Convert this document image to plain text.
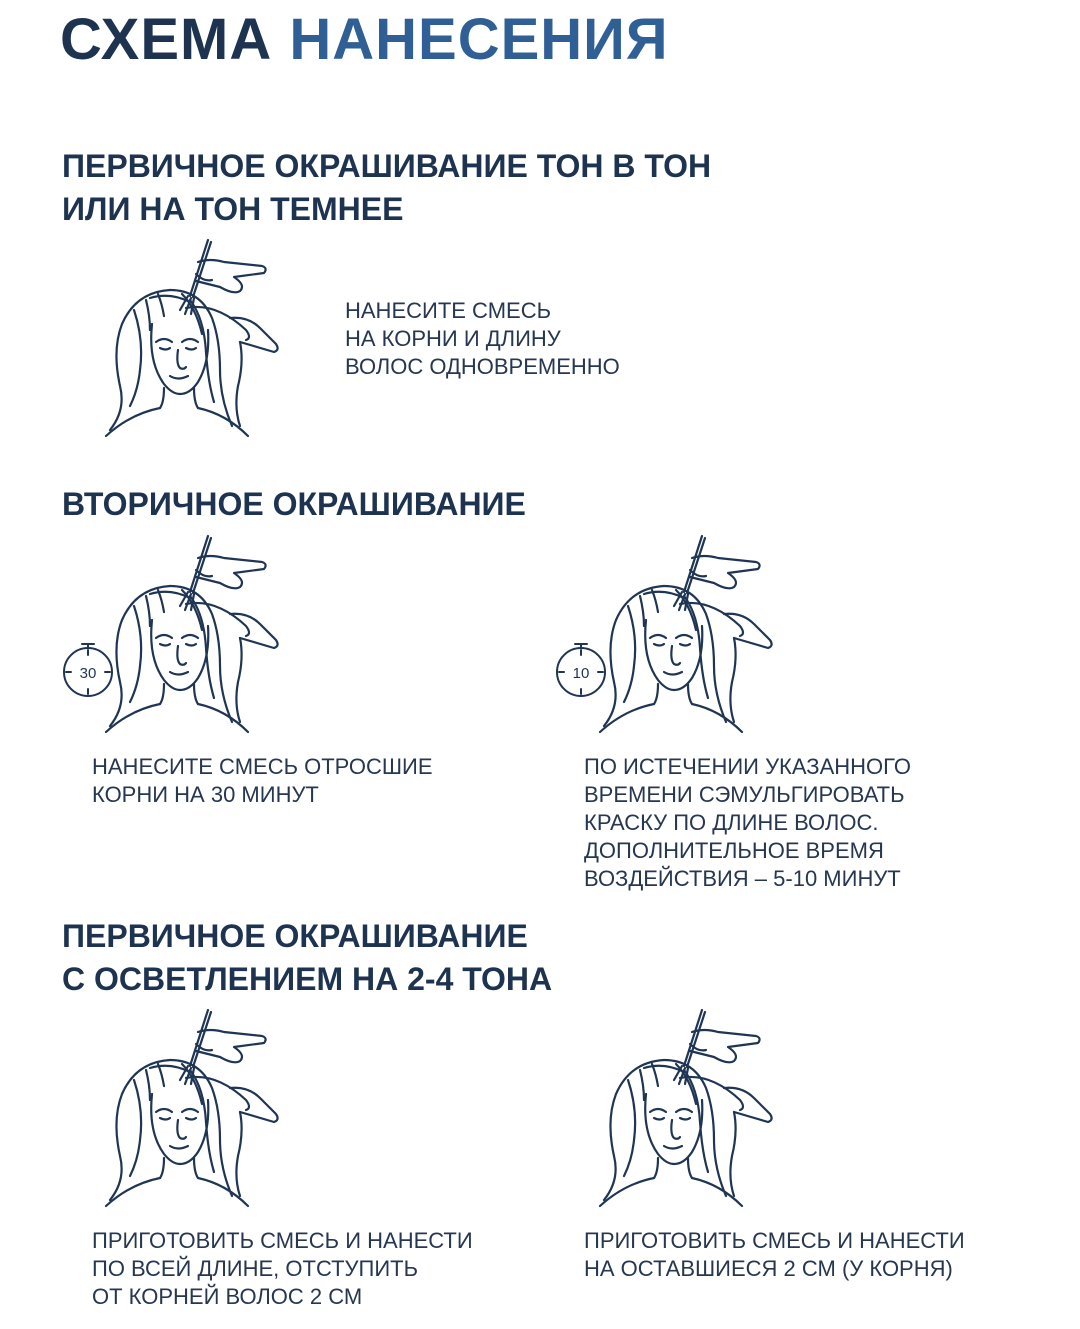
СХЕМА НАНЕСЕНИЯ
ПЕРВИЧНОЕ ОКРАШИВАНИЕ ТОН В ТОН
ИЛИ НА ТОН ТЕМНЕЕ

НАНЕСИТЕ СМЕСЬ
НА КОРНИ И ДЛИНУ
ВОЛОС ОДНОВРЕМЕННО

ВТОРИЧНОЕ ОКРАШИВАНИЕ
30

НАНЕСИТЕ СМЕСЬ ОТРОСШИЕ
КОРНИ НА 30 МИНУТ

10

ПО ИСТЕЧЕНИИ УКАЗАННОГО
ВРЕМЕНИ СЭМУЛЬГИРОВАТЬ
КРАСКУ ПО ДЛИНЕ ВОЛОС.
ДОПОЛНИТЕЛЬНОЕ ВРЕМЯ
ВОЗДЕЙСТВИЯ – 5-10 МИНУТ

ПЕРВИЧНОЕ ОКРАШИВАНИЕ
С ОСВЕТЛЕНИЕМ НА 2-4 ТОНА

ПРИГОТОВИТЬ СМЕСЬ И НАНЕСТИ
ПО ВСЕЙ ДЛИНЕ, ОТСТУПИТЬ
ОТ КОРНЕЙ ВОЛОС 2 СМ

ПРИГОТОВИТЬ СМЕСЬ И НАНЕСТИ
НА ОСТАВШИЕСЯ 2 СМ (У КОРНЯ)
